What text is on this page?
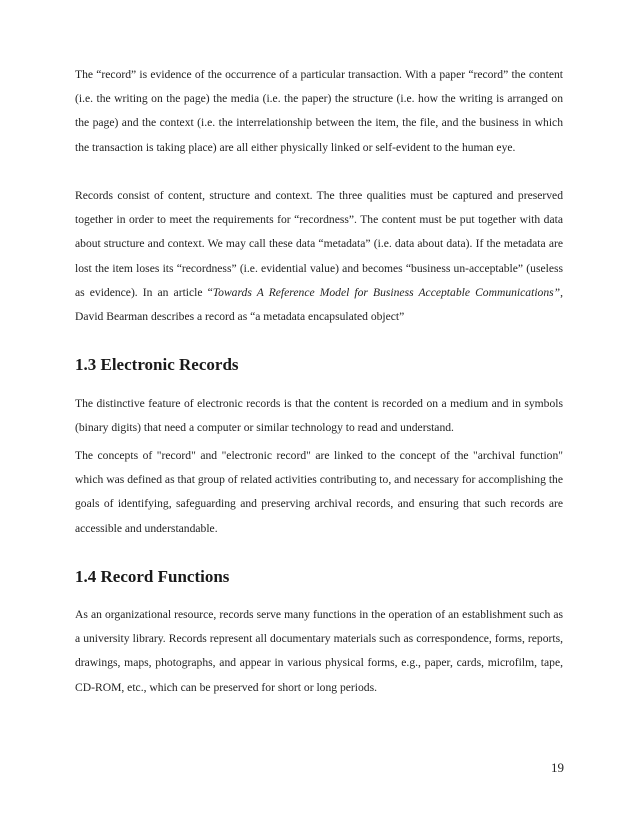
The “record” is evidence of the occurrence of a particular transaction. With a paper “record” the content (i.e. the writing on the page) the media (i.e. the paper) the structure (i.e. how the writing is arranged on the page) and the context (i.e. the interrelationship between the item, the file, and the business in which the transaction is taking place) are all either physically linked or self-evident to the human eye.

Records consist of content, structure and context. The three qualities must be captured and preserved together in order to meet the requirements for “recordness”. The content must be put together with data about structure and context. We may call these data “metadata” (i.e. data about data). If the metadata are lost the item loses its “recordness” (i.e. evidential value) and becomes “business un-acceptable” (useless as evidence). In an article “Towards A Reference Model for Business Acceptable Communications”, David Bearman describes a record as “a metadata encapsulated object”

1.3 Electronic Records

The distinctive feature of electronic records is that the content is recorded on a medium and in symbols (binary digits) that need a computer or similar technology to read and understand.

The concepts of "record" and "electronic record" are linked to the concept of the "archival function" which was defined as that group of related activities contributing to, and necessary for accomplishing the goals of identifying, safeguarding and preserving archival records, and ensuring that such records are accessible and understandable.

1.4 Record Functions

As an organizational resource, records serve many functions in the operation of an establishment such as a university library. Records represent all documentary materials such as correspondence, forms, reports, drawings, maps, photographs, and appear in various physical forms, e.g., paper, cards, microfilm, tape, CD-ROM, etc., which can be preserved for short or long periods.

19
